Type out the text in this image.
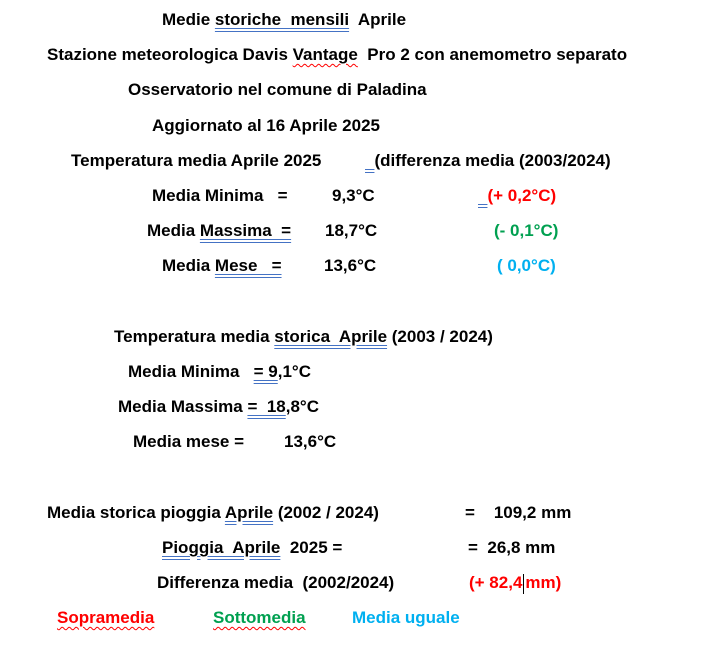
Medie storiche  mensili  Aprile
Stazione meteorologica Davis Vantage  Pro 2 con anemometro separato
Osservatorio nel comune di Paladina
Aggiornato al 16 Aprile 2025
Temperatura media Aprile 2025	(differenza media (2003/2024)
Media Minima   =	9,3°C	(+ 0,2°C)
Media Massima  = 18,7°C	(- 0,1°C)
Media Mese   = 13,6°C	( 0,0°C)
Temperatura media storica  Aprile (2003 / 2024)
Media Minima   = 9,1°C
Media Massima =  18,8°C
Media mese = 13,6°C
Media storica pioggia Aprile (2002 / 2024)	=    109,2 mm
Pioggia  Aprile  2025 =	=  26,8 mm
Differenza media  (2002/2024)	(+ 82,4 mm)
Sopramedia	Sottomedia	Media uguale
